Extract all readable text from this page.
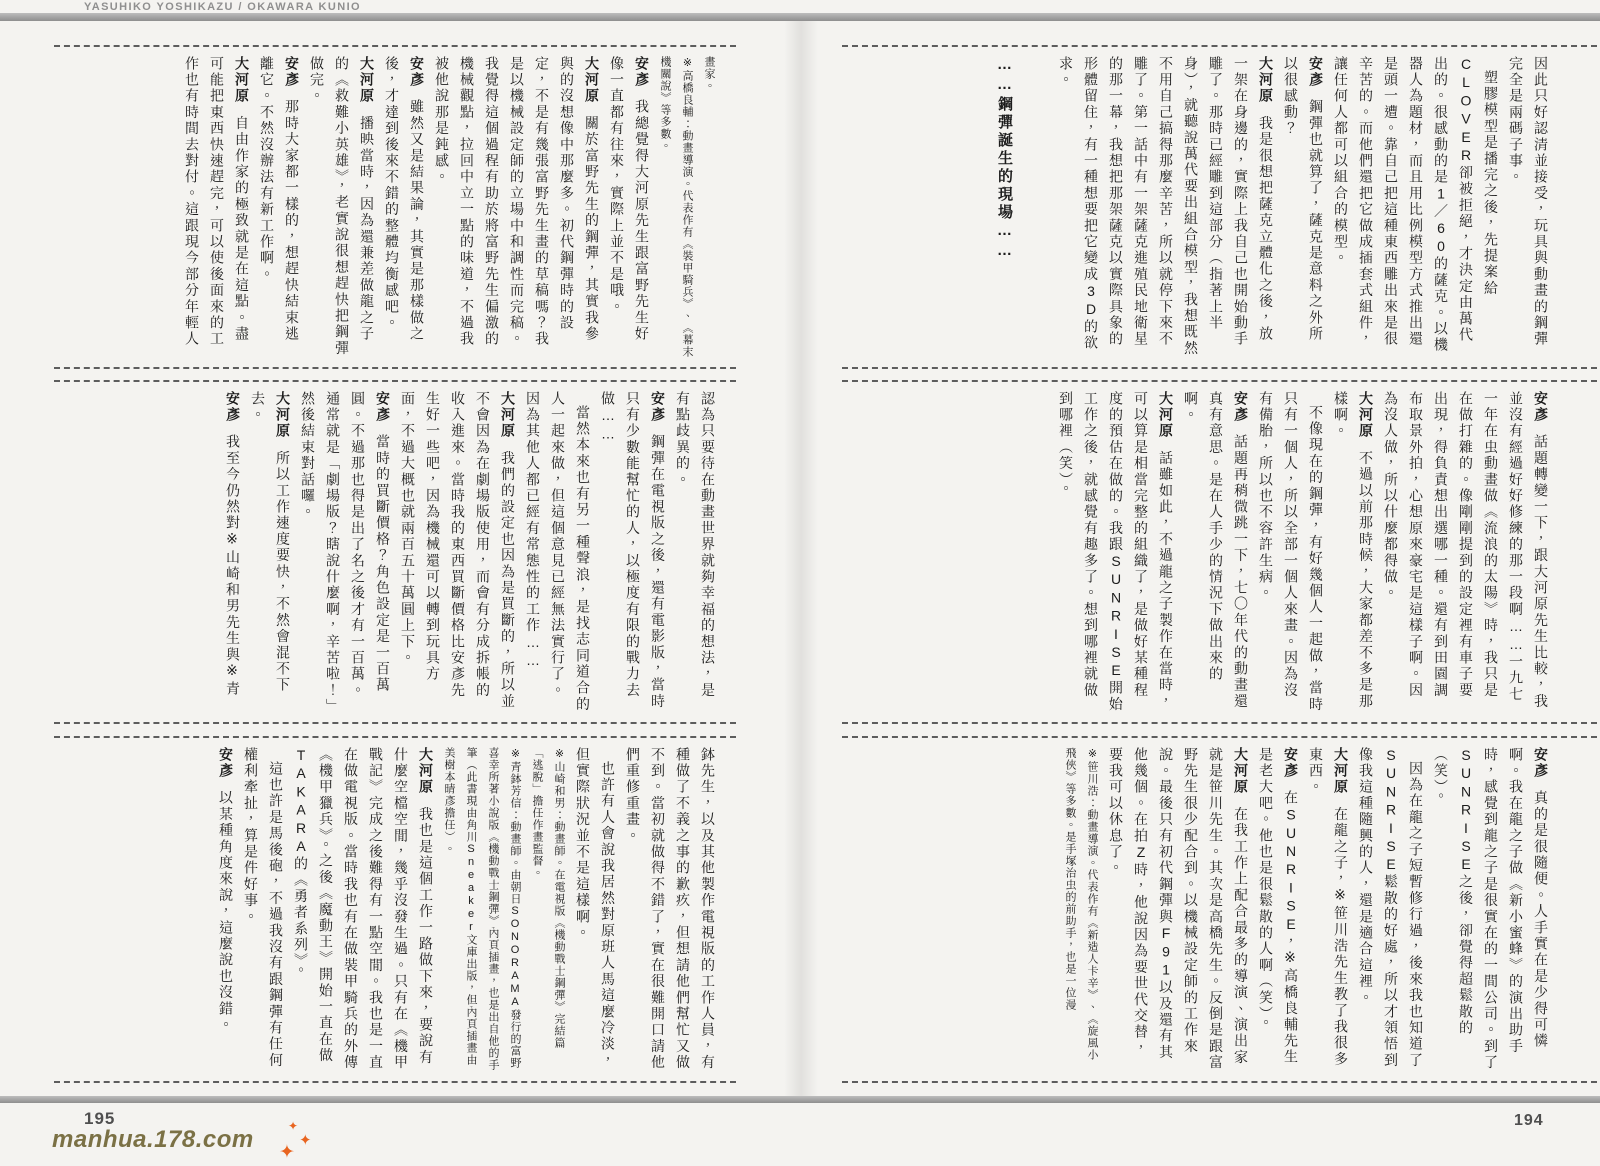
YASUHIKO YOSHIKAZU / OKAWARA KUNIO

因此只好認清並接受，玩具與動畫的鋼彈完全是兩碼子事。

塑膠模型是播完之後，先提案給CLOVER卻被拒絕，才決定由萬代出的。很感動的是1／60的薩克。以機器人為題材，而且用比例模型方式推出還是頭一遭。靠自己把這種東西雕出來是很辛苦的。而他們還把它做成插套式組件，讓任何人都可以組合的模型。

安彥鋼彈也就算了，薩克是意料之外所以很感動？

大河原我是很想把薩克立體化之後，放一架在身邊的，實際上我自己也開始動手雕了。那時已經雕到這部分（指著上半身），就聽說萬代要出組合模型，我想既然不用自己搞得那麼辛苦，所以就停下來不雕了。第一話中有一架薩克進殖民地衛星的那一幕，我想把那架薩克以實際具象的形體留住，有一種想要把它變成3D的欲求。

……鋼彈誕生的現場……

安彥話題轉變一下，跟大河原先生比較，我並沒有經過好好修練的那一段啊……一九七一年在虫動畫做《流浪的太陽》時，我只是在做打雜的。像剛剛提到的設定裡有車子要出現，得負責想出選哪一種。還有到田園調布取景外拍，心想原來豪宅是這樣子啊。因為沒人做，所以什麼都得做。

大河原不過以前那時候，大家都差不多是那樣啊。

不像現在的鋼彈，有好幾個人一起做，當時只有一個人，所以全部一個人來畫。因為沒有備胎，所以也不容許生病。

安彥話題再稍微跳一下，七〇年代的動畫還真有意思。是在人手少的情況下做出來的啊。

大河原話雖如此，不過龍之子製作在當時，可以算是相當完整的組織了，是做好某種程度的預估在做的。我跟SUNRISE開始工作之後，就感覺有趣多了。想到哪裡就做到哪裡（笑）。

安彥真的是很隨便。人手實在是少得可憐啊。我在龍之子做《新小蜜蜂》的演出助手時，感覺到龍之子是很實在的一間公司。到了SUNRISE之後，卻覺得超鬆散的（笑）。

因為在龍之子短暫修行過，後來我也知道了SUNRISE鬆散的好處，所以才領悟到像我這種隨興的人，還是適合這裡。

大河原在龍之子，※笹川浩先生教了我很多東西。

安彥在SUNRISE，※高橋良輔先生是老大吧。他也是很鬆散的人啊（笑）。

大河原在我工作上配合最多的導演、演出家就是笹川先生。其次是高橋先生。反倒是跟富野先生很少配合到。以機械設定師的工作來說。最後只有初代鋼彈與F91以及還有其他幾個。在拍Z時，他說因為要世代交替，要我可以休息了。

※笹川浩：動畫導演。代表作有《新造人卡辛》、《旋風小飛俠》等多數。是手塚治虫的前助手，也是一位漫

畫家。

※高橋良輔：動畫導演。代表作有《裝甲騎兵》、《幕末機關說》等多數。

安彥我總覺得大河原先生跟富野先生好像一直都有往來，實際上並不是哦。

大河原關於富野先生的鋼彈，其實我參與的沒想像中那麼多。初代鋼彈時的設定，不是有幾張富野先生畫的草稿嗎？我是以機械設定師的立場中和調性而完稿。我覺得這個過程有助於將富野先生偏激的機械觀點，拉回中立一點的味道，不過我被他說那是鈍感。

安彥雖然又是結果論，其實是那樣做之後，才達到後來不錯的整體均衡感吧。

大河原播映當時，因為還兼差做龍之子的《救難小英雄》，老實說很想趕快把鋼彈做完。

安彥那時大家都一樣的，想趕快結束逃離它。不然沒辦法有新工作啊。

大河原自由作家的極致就是在這點。盡可能把東西快速趕完，可以使後面來的工作也有時間去對付。這跟現今部分年輕人

認為只要待在動畫世界就夠幸福的想法，是有點歧異的。

安彥鋼彈在電視版之後，還有電影版，當時只有少數能幫忙的人，以極度有限的戰力去做……

當然本來也有另一種聲浪，是找志同道合的人一起來做，但這個意見已經無法實行了。因為其他人都已經有常態性的工作……

大河原我們的設定也因為是買斷的，所以並不會因為在劇場版使用，而會有分成拆帳的收入進來。當時我的東西買斷價格比安彥先生好一些吧，因為機械還可以轉到玩具方面，不過大概也就兩百五十萬圓上下。

安彥當時的買斷價格？角色設定是一百萬圓。不過那也得是出了名之後才有一百萬。通常就是「劇場版？瞎說什麼啊，辛苦啦！」然後結束對話囉。

大河原所以工作速度要快，不然會混不下去。

安彥我至今仍然對※山崎和男先生與※青

鉢先生，以及其他製作電視版的工作人員，有種做了不義之事的歉疚，但想請他們幫忙又做不到。當初就做得不錯了，實在很難開口請他們重修重畫。

也許有人會說我居然對原班人馬這麼冷淡，但實際狀況並不是這樣啊。

※山崎和男：動畫師。在電視版《機動戰士鋼彈》完結篇「逃脫」擔任作畫監督。

※青鉢芳信：動畫師。由朝日SONORAMA發行的富野喜幸所著小說版《機動戰士鋼彈》內頁插畫，也是出自他的手筆（此書現由角川Sneaker文庫出版，但內頁插畫由美樹本晴彥擔任）。

大河原我也是這個工作一路做下來，要說有什麼空檔空閒，幾乎沒發生過。只有在《機甲戰記》完成之後難得有一點空閒。我也是一直在做電視版。當時我也有在做裝甲騎兵的外傳《機甲獵兵》。之後《魔動王》開始一直在做TAKARA的《勇者系列》。

這也許是馬後砲，不過我沒有跟鋼彈有任何權利牽扯，算是件好事。

安彥以某種角度來說，這麼說也沒錯。

195	194
manhua.178.com	✦
✦
✦
